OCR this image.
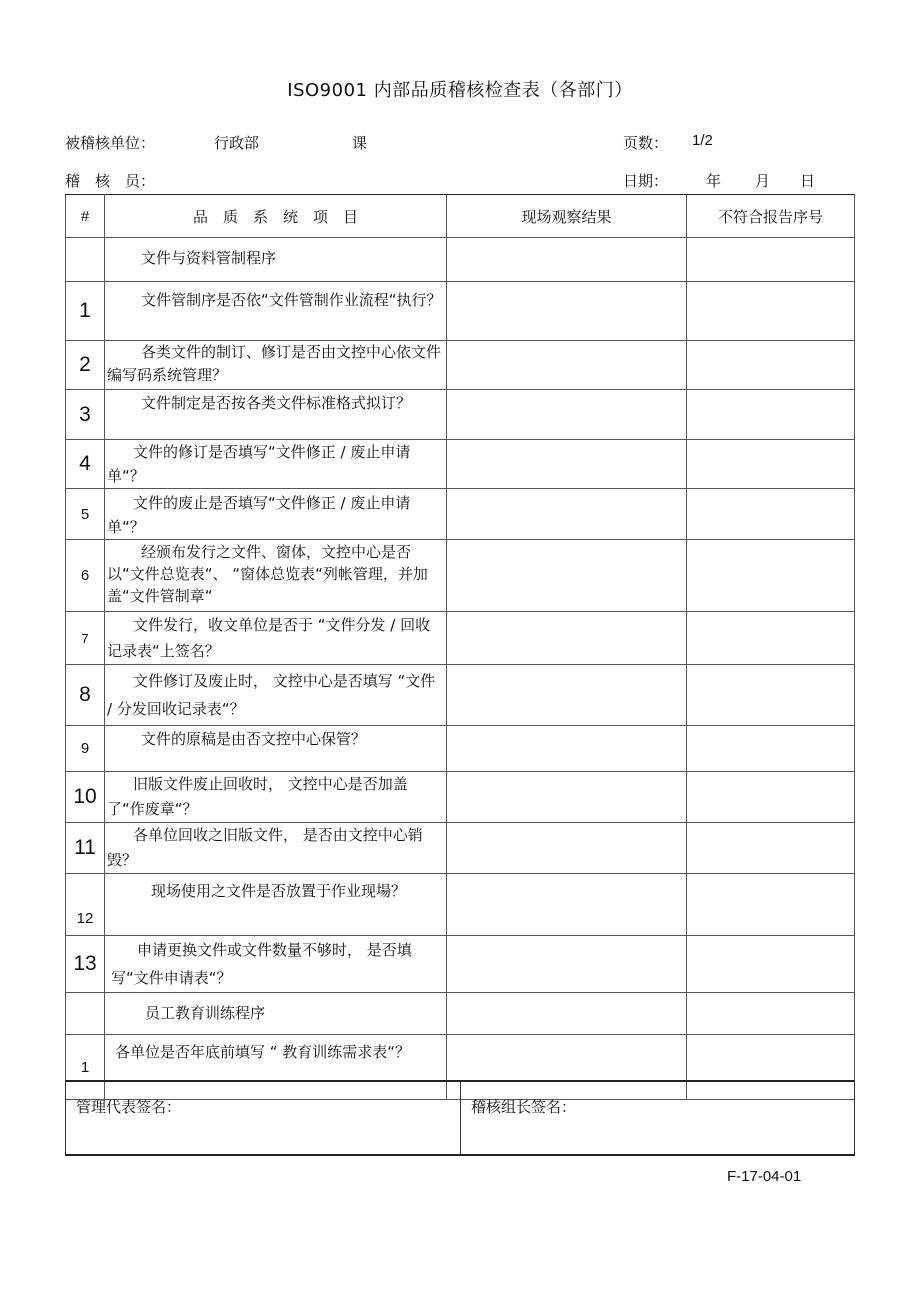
ISO9001 内部品质稽核检查表（各部门）
被稽核单位：	行政部	课	页数： 1/2
稽　核　员：	日期：	年 月 日
#	品　质　系　统　项　目	现场观察结果	不符合报告序号
	文件与资料管制程序		
1	文件管制序是否依“文件管制作业流程“执行？		
2	各类文件的制订、修订是否由文控中心依文件编写码系统管理？		
3	文件制定是否按各类文件标准格式拟订？		
4	文件的修订是否填写“文件修正 / 废止申请单“？		
5	文件的废止是否填写“文件修正 / 废止申请单“？		
6	经颁布发行之文件、窗体，文控中心是否以“文件总览表“、 “窗体总览表“列帐管理，并加盖“文件管制章“		
7	文件发行，收文单位是否于 “文件分发 / 回收记录表“上签名？		
8	文件修订及废止时， 文控中心是否填写 “文件 / 分发回收记录表“？		
9	文件的原稿是由否文控中心保管？		
10	旧版文件废止回收时， 文控中心是否加盖了“作废章“？		
11	各单位回收之旧版文件， 是否由文控中心销毁？		
12	现场使用之文件是否放置于作业现場？		
13	申请更换文件或文件数量不够时， 是否填写“文件申请表“？		
	员工教育训练程序		
1	各单位是否年底前填写 “ 教育训练需求表“？		
管理代表签名：	稽核组长签名：
F-17-04-01
